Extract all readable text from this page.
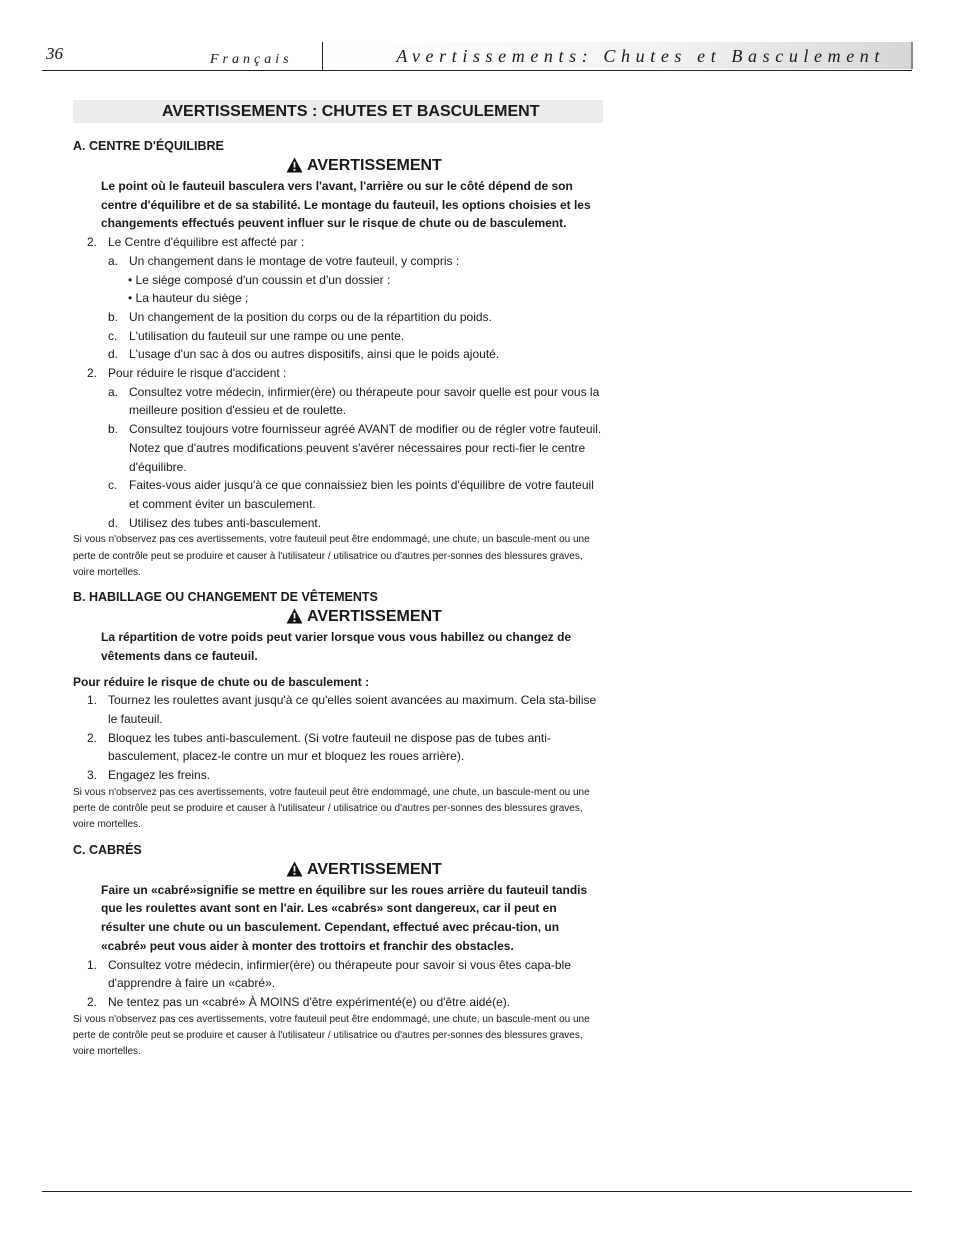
36	Français	Avertissements: Chutes et Basculement
AVERTISSEMENTS : CHUTES ET BASCULEMENT
A. CENTRE D'ÉQUILIBRE
AVERTISSEMENT
Le point où le fauteuil basculera vers l'avant, l'arrière ou sur le côté dépend de son centre d'équilibre et de sa stabilité. Le montage du fauteuil, les options choisies et les changements effectués peuvent influer sur le risque de chute ou de basculement.
2. Le Centre d'équilibre est affecté par :
a. Un changement dans le montage de votre fauteuil, y compris :
• Le siège composé d'un coussin et d'un dossier :
• La hauteur du siège ;
b. Un changement de la position du corps ou de la répartition du poids.
c. L'utilisation du fauteuil sur une rampe ou une pente.
d. L'usage d'un sac à dos ou autres dispositifs, ainsi que le poids ajouté.
2. Pour réduire le risque d'accident :
a. Consultez votre médecin, infirmier(ère) ou thérapeute pour savoir quelle est pour vous la meilleure position d'essieu et de roulette.
b. Consultez toujours votre fournisseur agréé AVANT de modifier ou de régler votre fauteuil. Notez que d'autres modifications peuvent s'avérer nécessaires pour recti-fier le centre d'équilibre.
c. Faites-vous aider jusqu'à ce que connaissiez bien les points d'équilibre de votre fauteuil et comment éviter un basculement.
d. Utilisez des tubes anti-basculement.
Si vous n'observez pas ces avertissements, votre fauteuil peut être endommagé, une chute, un bascule-ment ou une perte de contrôle peut se produire et causer à l'utilisateur / utilisatrice ou d'autres per-sonnes des blessures graves, voire mortelles.
B. HABILLAGE OU CHANGEMENT DE VÊTEMENTS
AVERTISSEMENT
La répartition de votre poids peut varier lorsque vous vous habillez ou changez de vêtements dans ce fauteuil.
Pour réduire le risque de chute ou de basculement :
1. Tournez les roulettes avant jusqu'à ce qu'elles soient avancées au maximum. Cela sta-bilise le fauteuil.
2. Bloquez les tubes anti-basculement. (Si votre fauteuil ne dispose pas de tubes anti-basculement, placez-le contre un mur et bloquez les roues arrière).
3. Engagez les freins.
Si vous n'observez pas ces avertissements, votre fauteuil peut être endommagé, une chute, un bascule-ment ou une perte de contrôle peut se produire et causer à l'utilisateur / utilisatrice ou d'autres per-sonnes des blessures graves, voire mortelles.
C. CABRÉS
AVERTISSEMENT
Faire un «cabré»signifie se mettre en équilibre sur les roues arrière du fauteuil tandis que les roulettes avant sont en l'air. Les «cabrés» sont dangereux, car il peut en résulter une chute ou un basculement. Cependant, effectué avec précau-tion, un «cabré» peut vous aider à monter des trottoirs et franchir des obstacles.
1. Consultez votre médecin, infirmier(ère) ou thérapeute pour savoir si vous êtes capa-ble d'apprendre à faire un «cabré».
2. Ne tentez pas un «cabré» À MOINS d'être expérimenté(e) ou d'être aidé(e).
Si vous n'observez pas ces avertissements, votre fauteuil peut être endommagé, une chute, un bascule-ment ou une perte de contrôle peut se produire et causer à l'utilisateur / utilisatrice ou d'autres per-sonnes des blessures graves, voire mortelles.
